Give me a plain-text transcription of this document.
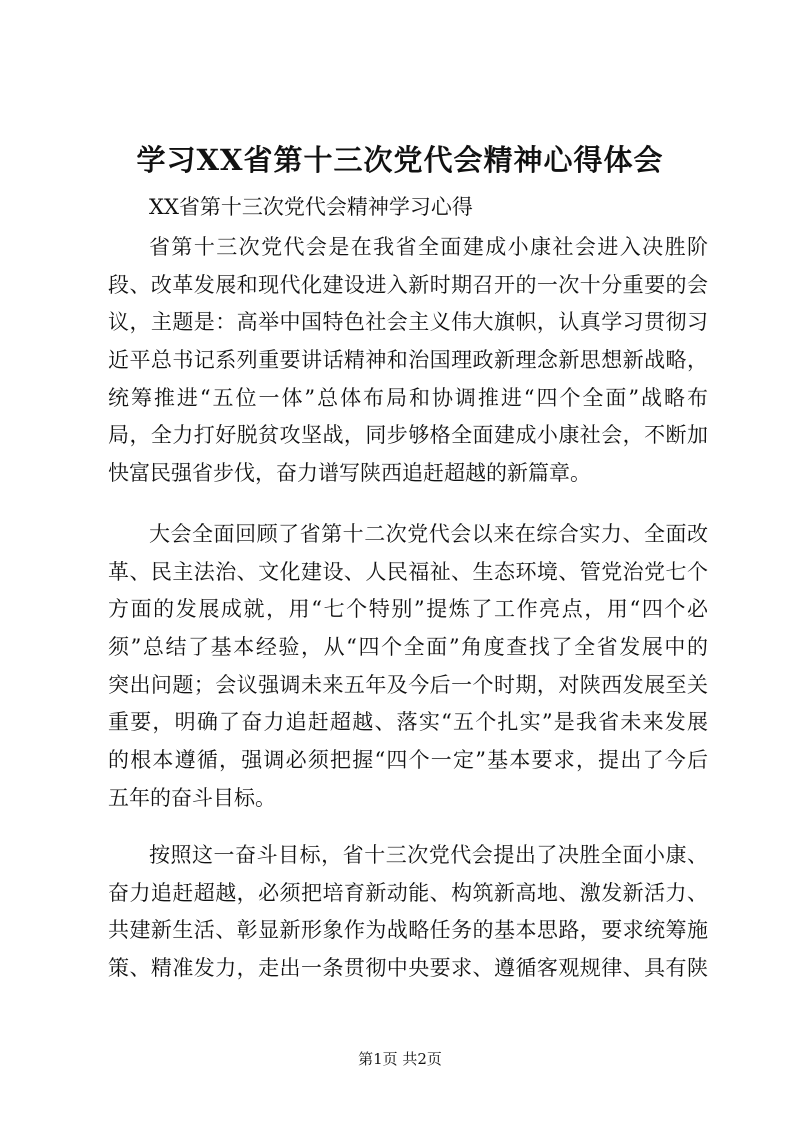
学习XX省第十三次党代会精神心得体会

XX省第十三次党代会精神学习心得

省第十三次党代会是在我省全面建成小康社会进入决胜阶
段、改革发展和现代化建设进入新时期召开的一次十分重要的会
议，主题是：高举中国特色社会主义伟大旗帜，认真学习贯彻习
近平总书记系列重要讲话精神和治国理政新理念新思想新战略，
统筹推进“五位一体”总体布局和协调推进“四个全面”战略布
局，全力打好脱贫攻坚战，同步够格全面建成小康社会，不断加
快富民强省步伐，奋力谱写陕西追赶超越的新篇章。
大会全面回顾了省第十二次党代会以来在综合实力、全面改
革、民主法治、文化建设、人民福祉、生态环境、管党治党七个
方面的发展成就，用“七个特别”提炼了工作亮点，用“四个必
须”总结了基本经验，从“四个全面”角度查找了全省发展中的
突出问题；会议强调未来五年及今后一个时期，对陕西发展至关
重要，明确了奋力追赶超越、落实“五个扎实”是我省未来发展
的根本遵循，强调必须把握“四个一定”基本要求，提出了今后
五年的奋斗目标。
按照这一奋斗目标，省十三次党代会提出了决胜全面小康、
奋力追赶超越，必须把培育新动能、构筑新高地、激发新活力、
共建新生活、彰显新形象作为战略任务的基本思路，要求统筹施
策、精准发力，走出一条贯彻中央要求、遵循客观规律、具有陕

第1页 共2页
